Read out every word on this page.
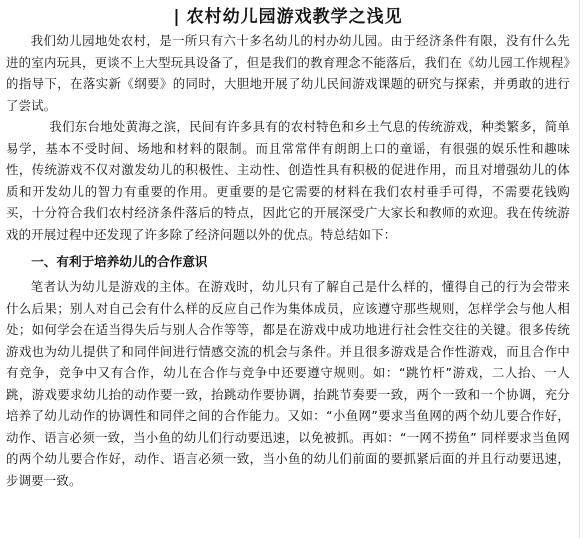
| 农村幼儿园游戏教学之浅见

我们幼儿园地处农村，是一所只有六十多名幼儿的村办幼儿园。由于经济条件有限，没有什么先进的室内玩具，更谈不上大型玩具设备了，但是我们的教育理念不能落后，我们在《幼儿园工作规程》的指导下，在落实新《纲要》的同时，大胆地开展了幼儿民间游戏课题的研究与探索，并勇敢的进行了尝试。

我们东台地处黄海之滨，民间有许多具有的农村特色和乡土气息的传统游戏，种类繁多，简单易学，基本不受时间、场地和材料的限制。而且常常伴有朗朗上口的童谣，有很强的娱乐性和趣味性，传统游戏不仅对激发幼儿的积极性、主动性、创造性具有积极的促进作用，而且对增强幼儿的体质和开发幼儿的智力有重要的作用。更重要的是它需要的材料在我们农村垂手可得，不需要花钱购买，十分符合我们农村经济条件落后的特点，因此它的开展深受广大家长和教师的欢迎。我在传统游戏的开展过程中还发现了许多除了经济问题以外的优点。特总结如下：

一、有利于培养幼儿的合作意识

笔者认为幼儿是游戏的主体。在游戏时，幼儿只有了解自己是什么样的，懂得自己的行为会带来什么后果；别人对自己会有什么样的反应自己作为集体成员，应该遵守那些规则，怎样学会与他人相处；如何学会在适当得失后与别人合作等等，都是在游戏中成功地进行社会性交往的关键。很多传统游戏也为幼儿提供了和同伴间进行情感交流的机会与条件。并且很多游戏是合作性游戏，而且合作中有竞争，竞争中又有合作，幼儿在合作与竞争中还要遵守规则。如：“跳竹杆”游戏，二人抬、一人跳，游戏要求幼儿抬的动作要一致，抬跳动作要协调，抬跳节奏要一致，两个一致和一个协调，充分培养了幼儿动作的协调性和同伴之间的合作能力。又如：“小鱼网”要求当鱼网的两个幼儿要合作好，动作、语言必须一致，当小鱼的幼儿们行动要迅速，以免被抓。再如：“一网不捞鱼” 同样要求当鱼网的两个幼儿要合作好，动作、语言必须一致，当小鱼的幼儿们前面的要抓紧后面的并且行动要迅速，步调要一致。
